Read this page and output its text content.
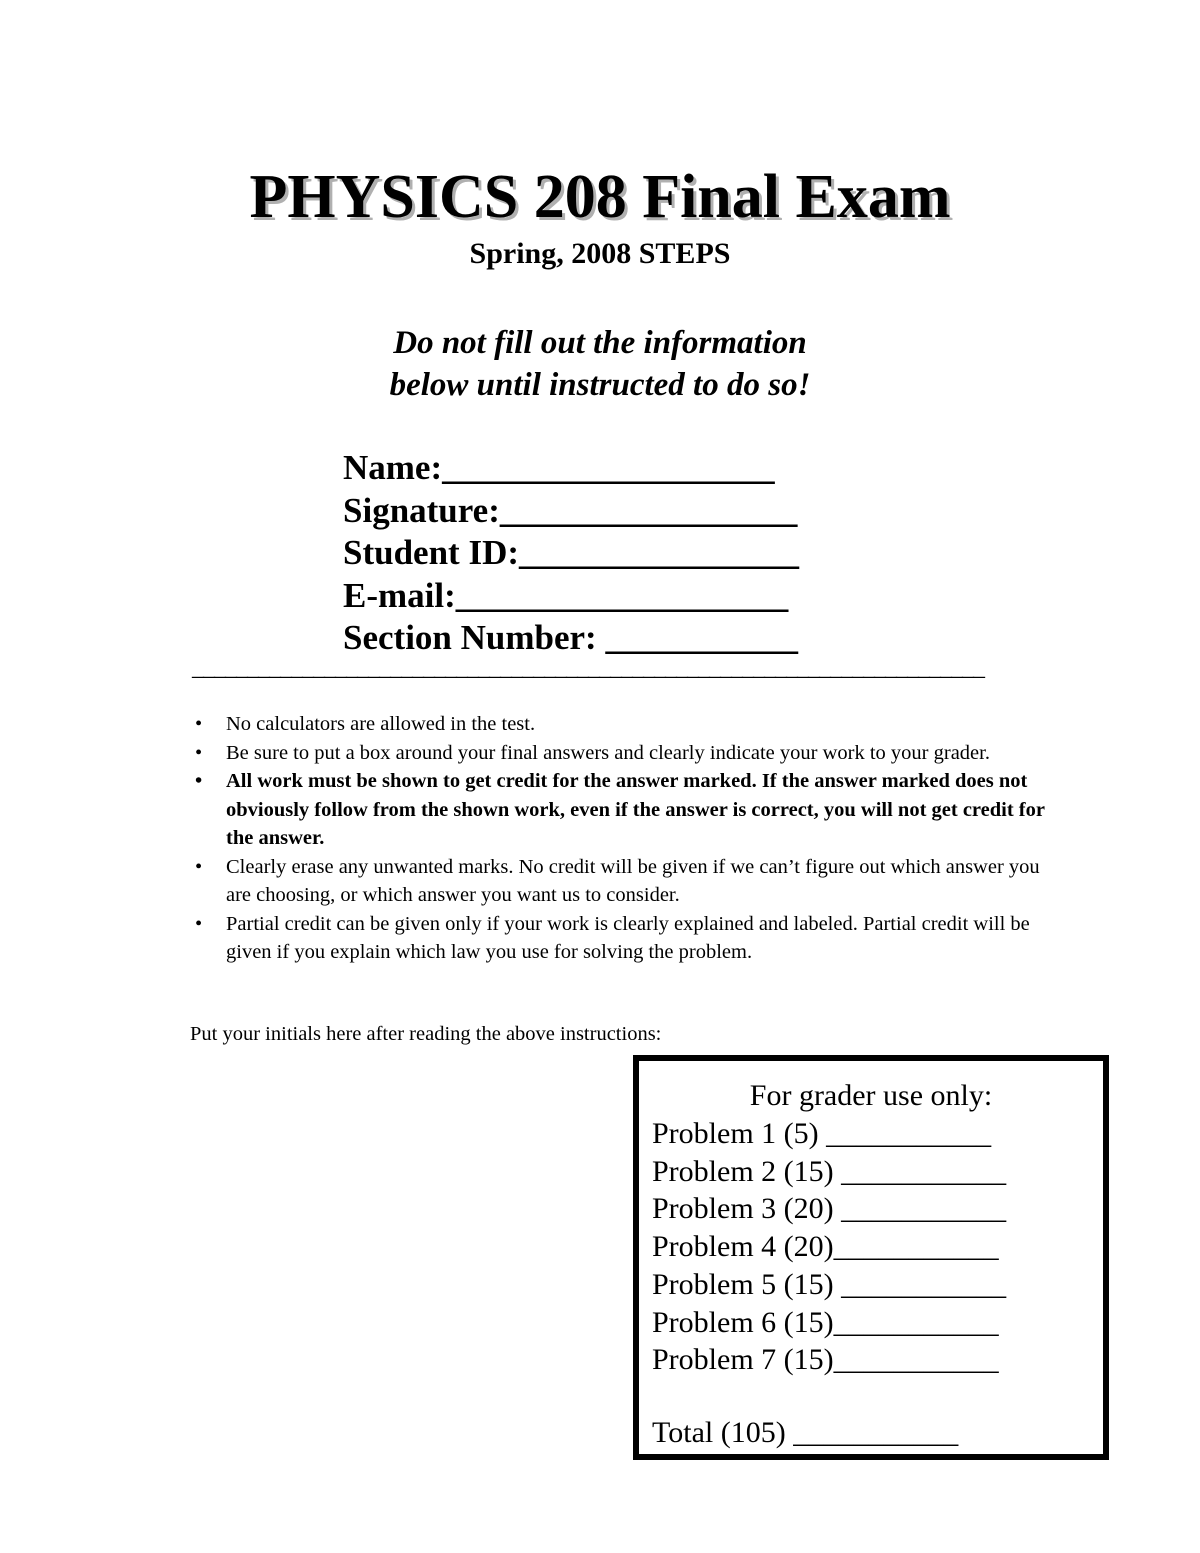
PHYSICS 208 Final Exam
Spring, 2008 STEPS
Do not fill out the information
below until instructed to do so!
Name:___________________
Signature:_________________
Student ID:________________
E-mail:___________________
Section Number: ___________
________________________________________________________________________
• No calculators are allowed in the test.
• Be sure to put a box around your final answers and clearly indicate your work to your grader.
• All work must be shown to get credit for the answer marked. If the answer marked does not obviously follow from the shown work, even if the answer is correct, you will not get credit for the answer.
• Clearly erase any unwanted marks. No credit will be given if we can’t figure out which answer you are choosing, or which answer you want us to consider.
• Partial credit can be given only if your work is clearly explained and labeled. Partial credit will be given if you explain which law you use for solving the problem.
Put your initials here after reading the above instructions:
For grader use only:
Problem 1 (5) ___________
Problem 2 (15) ___________
Problem 3 (20) ___________
Problem 4 (20)___________
Problem 5 (15) ___________
Problem 6 (15)___________
Problem 7 (15)___________
Total (105) ___________
